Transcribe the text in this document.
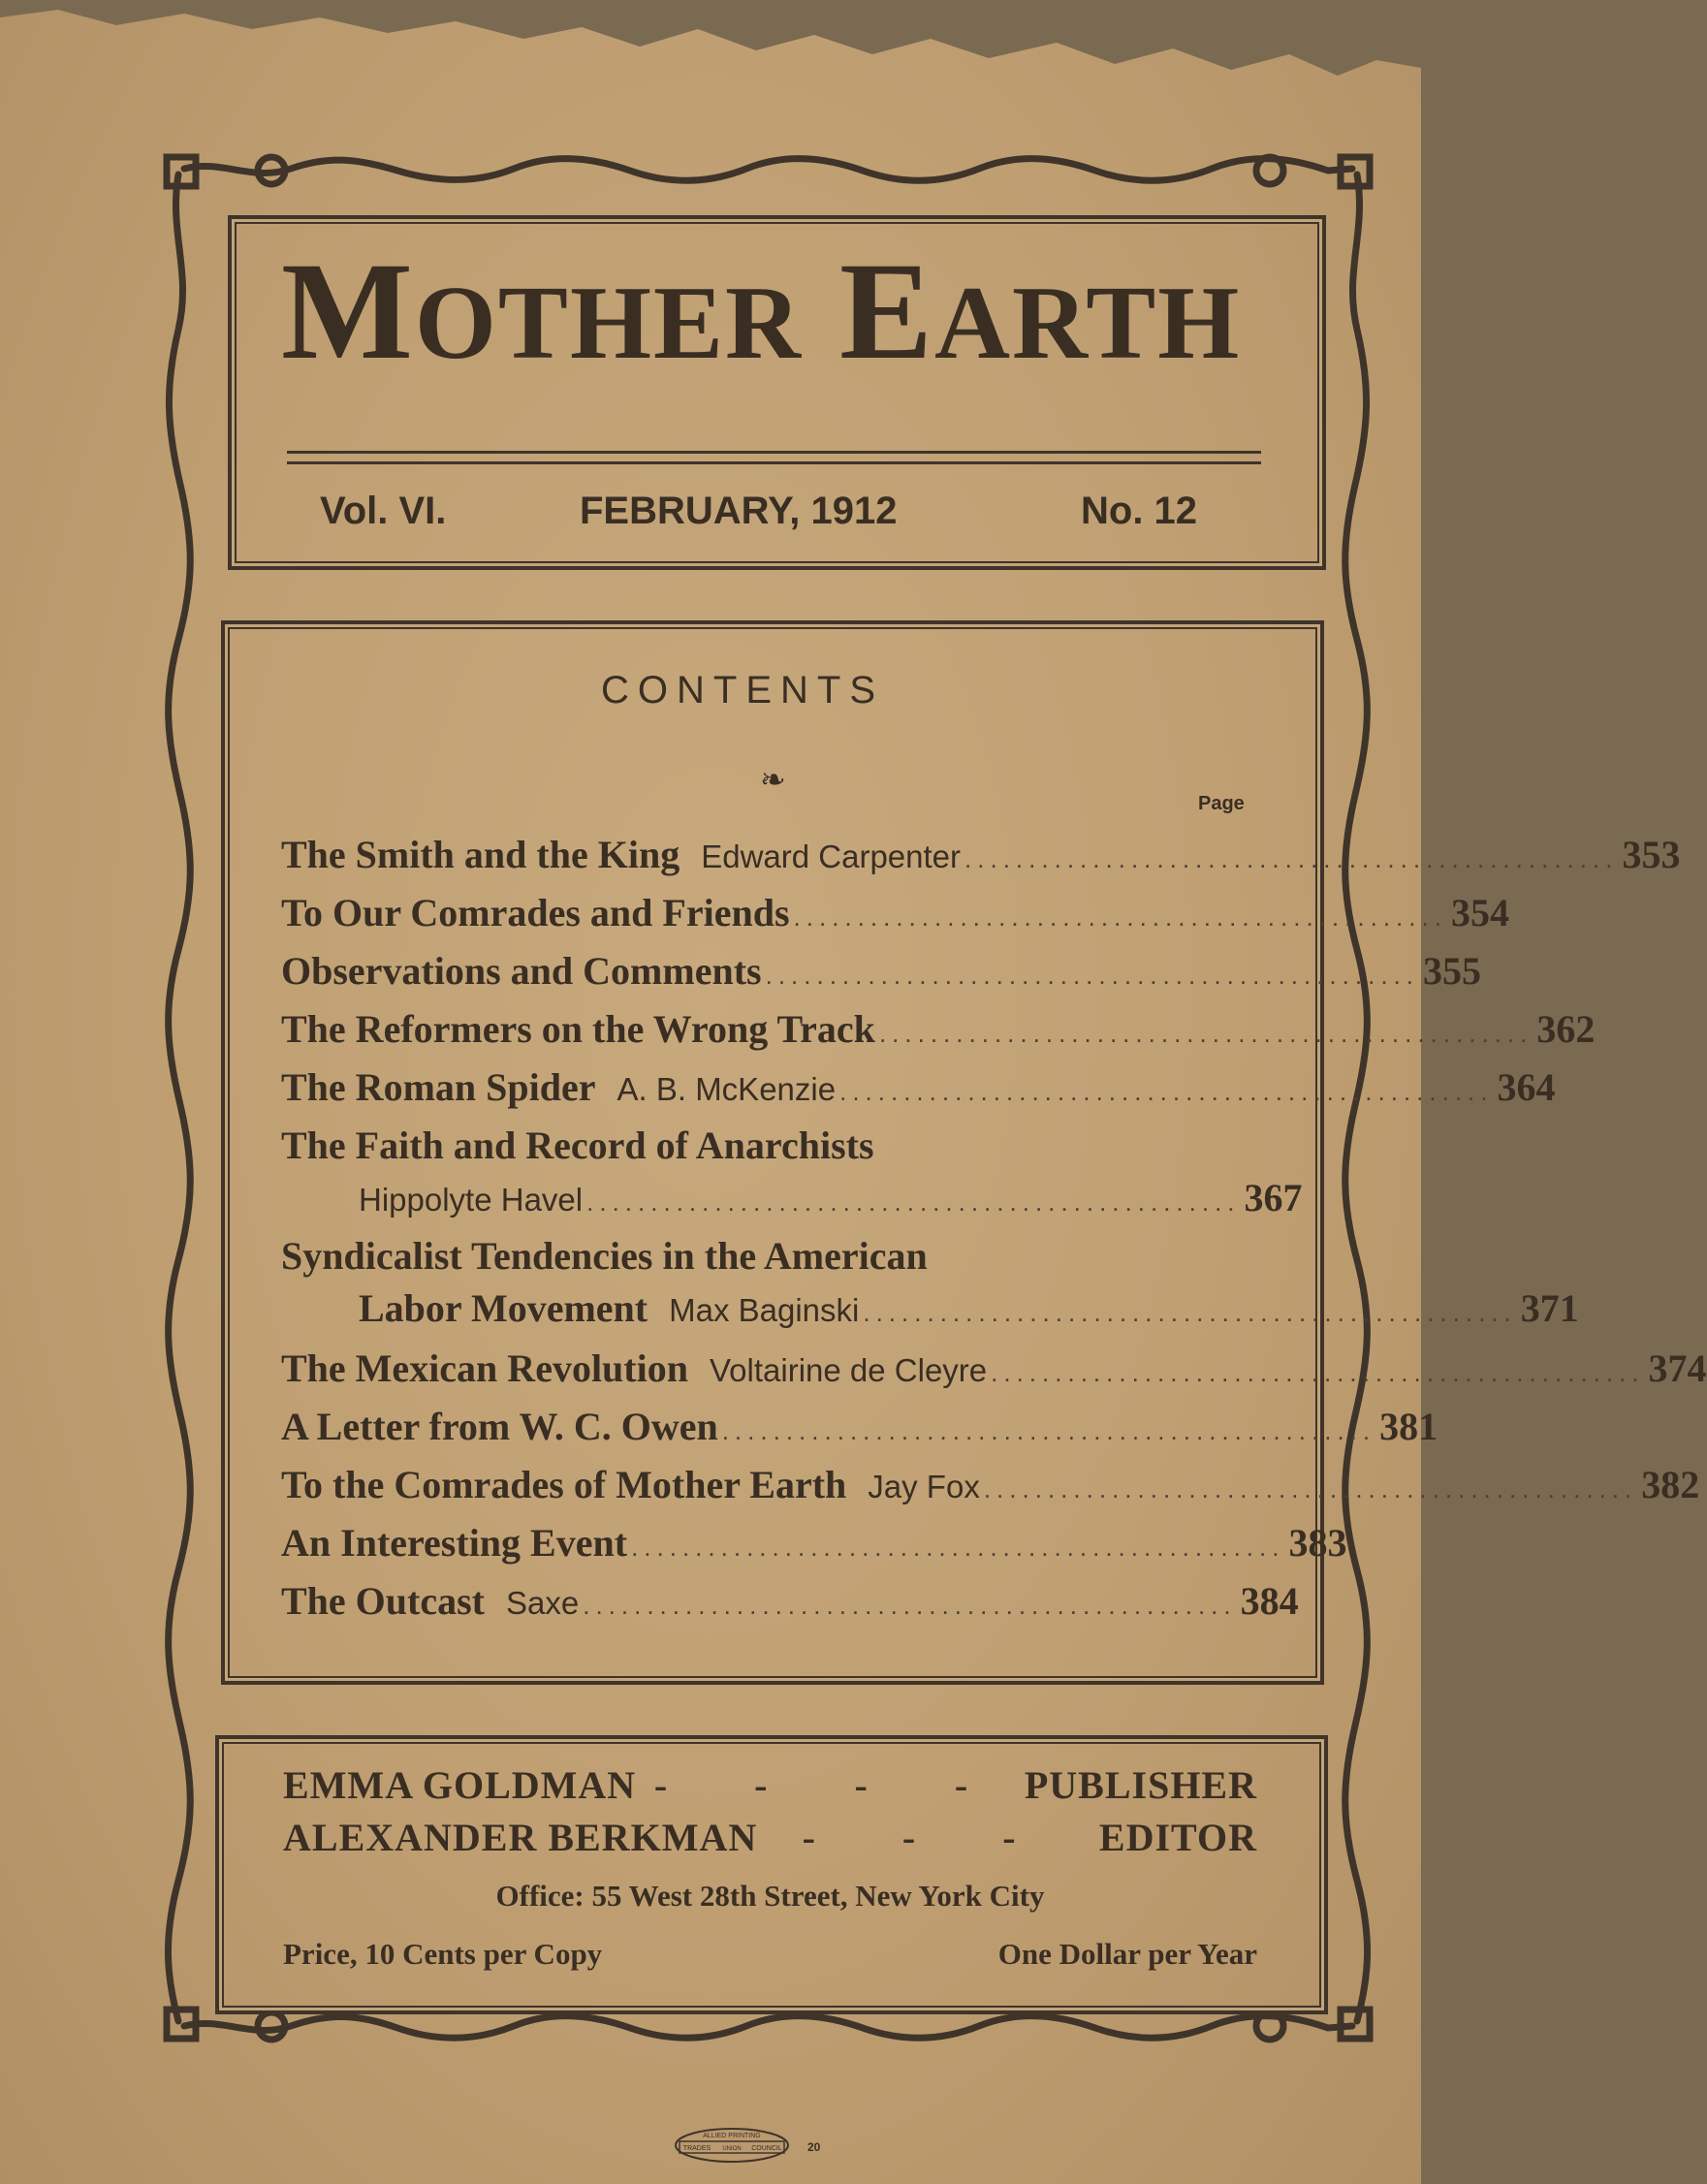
MOTHER EARTH
Vol. VI.	FEBRUARY, 1912	No. 12
CONTENTS
❧
Page
The Smith and the King Edward Carpenter ................................................... 353
To Our Comrades and Friends ................................................... 354
Observations and Comments ................................................... 355
The Reformers on the Wrong Track ................................................... 362
The Roman Spider A. B. McKenzie ................................................... 364
The Faith and Record of Anarchists
Hippolyte Havel ................................................... 367
Syndicalist Tendencies in the American
Labor Movement Max Baginski ................................................... 371
The Mexican Revolution Voltairine de Cleyre ................................................... 374
A Letter from W. C. Owen ................................................... 381
To the Comrades of Mother Earth Jay Fox ................................................... 382
An Interesting Event ................................................... 383
The Outcast Saxe ................................................... 384
EMMA GOLDMAN - - - - PUBLISHER
ALEXANDER BERKMAN	- - -	EDITOR
Office: 55 West 28th Street, New York City
Price, 10 Cents per Copy	One Dollar per Year
ALLIED PRINTING
TRADES UNION COUNCIL 20
